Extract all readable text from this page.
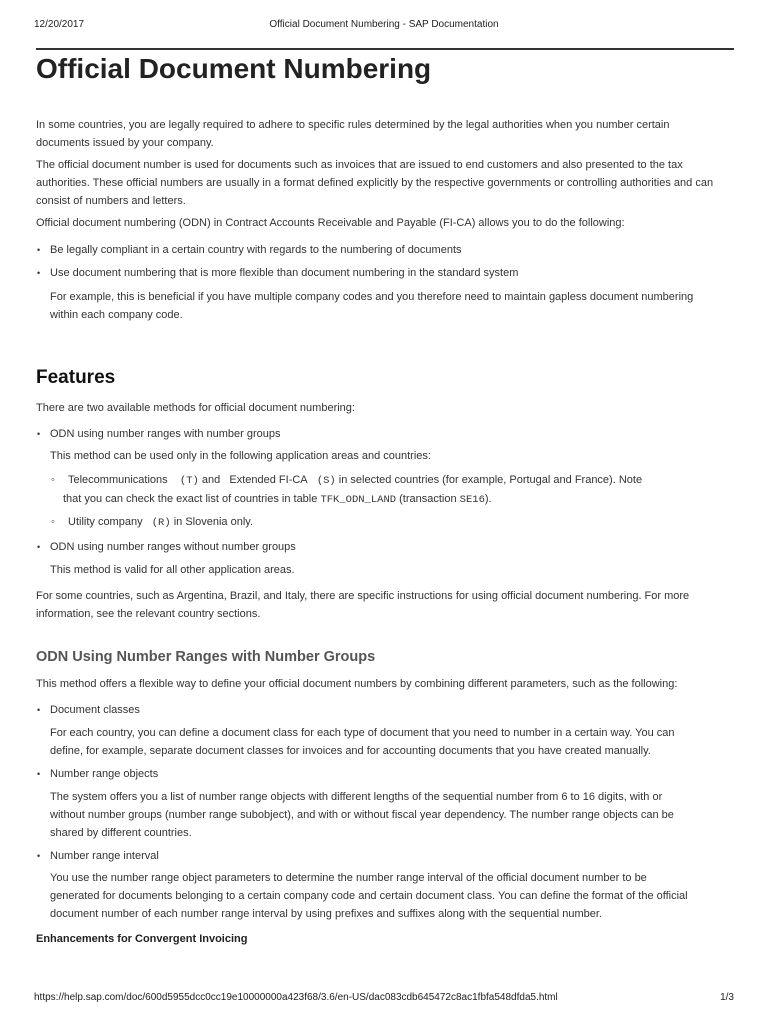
12/20/2017	Official Document Numbering - SAP Documentation
Official Document Numbering

In some countries, you are legally required to adhere to specific rules determined by the legal authorities when you number certain
documents issued by your company.

The official document number is used for documents such as invoices that are issued to end customers and also presented to the tax
authorities. These official numbers are usually in a format defined explicitly by the respective governments or controlling authorities and can
consist of numbers and letters.

Official document numbering (ODN) in Contract Accounts Receivable and Payable (FI-CA) allows you to do the following:

• Be legally compliant in a certain country with regards to the numbering of documents
• Use document numbering that is more flexible than document numbering in the standard system

For example, this is beneficial if you have multiple company codes and you therefore need to maintain gapless document numbering
within each company code.

Features

There are two available methods for official document numbering:

• ODN using number ranges with number groups

This method can be used only in the following application areas and countries:

◦ Telecommunications (T) and Extended FI-CA (S) in selected countries (for example, Portugal and France). Note
that you can check the exact list of countries in table TFK_ODN_LAND (transaction SE16).
◦ Utility company (R) in Slovenia only.
• ODN using number ranges without number groups

This method is valid for all other application areas.

For some countries, such as Argentina, Brazil, and Italy, there are specific instructions for using official document numbering. For more
information, see the relevant country sections.

ODN Using Number Ranges with Number Groups

This method offers a flexible way to define your official document numbers by combining different parameters, such as the following:

• Document classes

For each country, you can define a document class for each type of document that you need to number in a certain way. You can
define, for example, separate document classes for invoices and for accounting documents that you have created manually.

• Number range objects

The system offers you a list of number range objects with different lengths of the sequential number from 6 to 16 digits, with or
without number groups (number range subobject), and with or without fiscal year dependency. The number range objects can be
shared by different countries.

• Number range interval

You use the number range object parameters to determine the number range interval of the official document number to be
generated for documents belonging to a certain company code and certain document class. You can define the format of the official
document number of each number range interval by using prefixes and suffixes along with the sequential number.

Enhancements for Convergent Invoicing

https://help.sap.com/doc/600d5955dcc0cc19e10000000a423f68/3.6/en-US/dac083cdb645472c8ac1fbfa548dfda5.html	1/3
